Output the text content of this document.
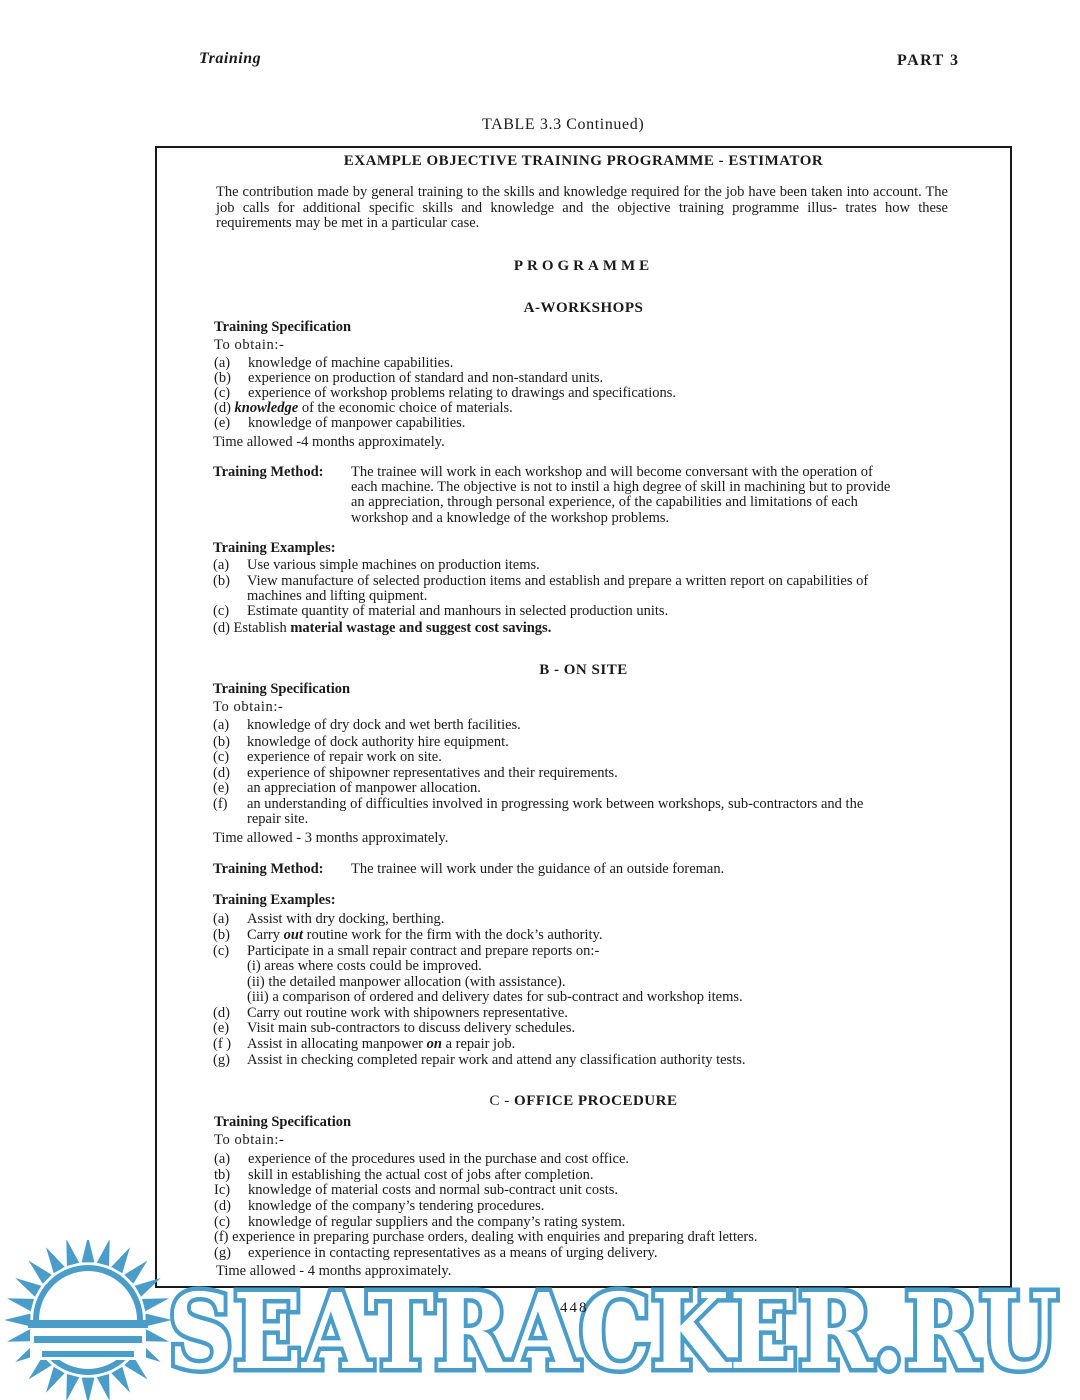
Training	PART 3
TABLE 3.3 Continued)
EXAMPLE OBJECTIVE TRAINING PROGRAMME - ESTIMATOR
The contribution made by general training to the skills and knowledge required for the job have been taken into account. The job calls for additional specific skills and knowledge and the objective training programme illus- trates how these requirements may be met in a particular case.
PROGRAMME
A-WORKSHOPS
Training Specification
To obtain:-
(a) knowledge of machine capabilities.
(b) experience on production of standard and non-standard units.
(c) experience of workshop problems relating to drawings and specifications.
(d) knowledge of the economic choice of materials.
(e) knowledge of manpower capabilities.
Time allowed -4 months approximately.
Training Method: The trainee will work in each workshop and will become conversant with the operation of
each machine. The objective is not to instil a high degree of skill in machining but to provide
an appreciation, through personal experience, of the capabilities and limitations of each
workshop and a knowledge of the workshop problems.
Training Examples:
(a) Use various simple machines on production items.
(b) View manufacture of selected production items and establish and prepare a written report on capabilities of
machines and lifting quipment.
(c) Estimate quantity of material and manhours in selected production units.
(d) Establish material wastage and suggest cost savings.
B - ON SITE
Training Specification
To obtain:-
(a) knowledge of dry dock and wet berth facilities.
(b) knowledge of dock authority hire equipment.
(c) experience of repair work on site.
(d) experience of shipowner representatives and their requirements.
(e) an appreciation of manpower allocation.
(f) an understanding of difficulties involved in progressing work between workshops, sub-contractors and the
repair site.
Time allowed - 3 months approximately.
Training Method: The trainee will work under the guidance of an outside foreman.
Training Examples:
(a) Assist with dry docking, berthing.
(b) Carry out routine work for the firm with the dock’s authority.
(c) Participate in a small repair contract and prepare reports on:-
(i) areas where costs could be improved.
(ii) the detailed manpower allocation (with assistance).
(iii) a comparison of ordered and delivery dates for sub-contract and workshop items.
(d) Carry out routine work with shipowners representative.
(e) Visit main sub-contractors to discuss delivery schedules.
(f ) Assist in allocating manpower on a repair job.
(g) Assist in checking completed repair work and attend any classification authority tests.
C - OFFICE PROCEDURE
Training Specification
To obtain:-
(a) experience of the procedures used in the purchase and cost office.
tb) skill in establishing the actual cost of jobs after completion.
Ic) knowledge of material costs and normal sub-contract unit costs.
(d) knowledge of the company’s tendering procedures.
(c) knowledge of regular suppliers and the company’s rating system.
(f) experience in preparing purchase orders, dealing with enquiries and preparing draft letters.
(g) experience in contacting representatives as a means of urging delivery.
Time allowed - 4 months approximately.
SEATRACKER.RU
448
